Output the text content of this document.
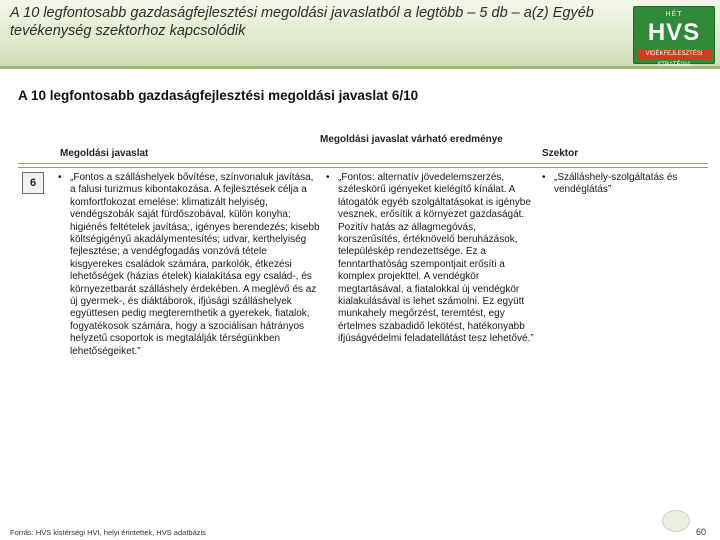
A 10 legfontosabb gazdaságfejlesztési megoldási javaslatból a legtöbb – 5 db – a(z) Egyéb tevékenység szektorhoz kapcsolódik
HÉT
HVS
VIDÉKFEJLESZTÉSI STRATÉGIA
A 10 legfontosabb gazdaságfejlesztési megoldási javaslat 6/10
Megoldási javaslat
Megoldási javaslat várható eredménye
Szektor
6	• „Fontos a szálláshelyek bővítése, színvonaluk javítása, a falusi turizmus kibontakozása. A fejlesztések célja a komfortfokozat emelése: klimatizált helyiség, vendégszobák saját fürdőszobával, külön konyha; higiénés feltételek javítása;, igényes berendezés; kisebb költségigényű akadálymentesítés; udvar, kerthelyiség fejlesztése; a vendégfogadás vonzóvá tétele kisgyerekes családok számára, parkolók, étkezési lehetőségek (házias ételek) kialakítása egy család-, és környezetbarát szálláshely érdekében. A meglévő és az új gyermek-, és diáktáborok, ifjúsági szálláshelyek együttesen pedig megteremthetik a gyerekek, fiatalok, fogyatékosok számára, hogy a szociálisan hátrányos helyzetű csoportok is megtalálják térségünkben lehetőségeiket.”
• „Fontos: alternatív jövedelemszerzés, széleskörű igényeket kielégítő kínálat. A látogatók egyéb szolgáltatásokat is igénybe vesznek, erősítik a környezet gazdaságát. Pozitív hatás az állagmegóvás, korszerűsítés, értéknövelő beruházások, településkép rendezettsége. Ez a fenntarthatóság szempontjait erősíti a komplex projekttel. A vendégkör megtartásával, a fiatalokkal új vendégkör kialakulásával is lehet számolni. Ez együtt munkahely megőrzést, teremtést, egy értelmes szabadidő lekötést, hatékonyabb ifjúságvédelmi feladatellátást tesz lehetővé.”
• „Szálláshely-szolgáltatás és vendéglátás”
Forrás: HVS kistérségi HVI, helyi érintettek, HVS adatbázis	60
